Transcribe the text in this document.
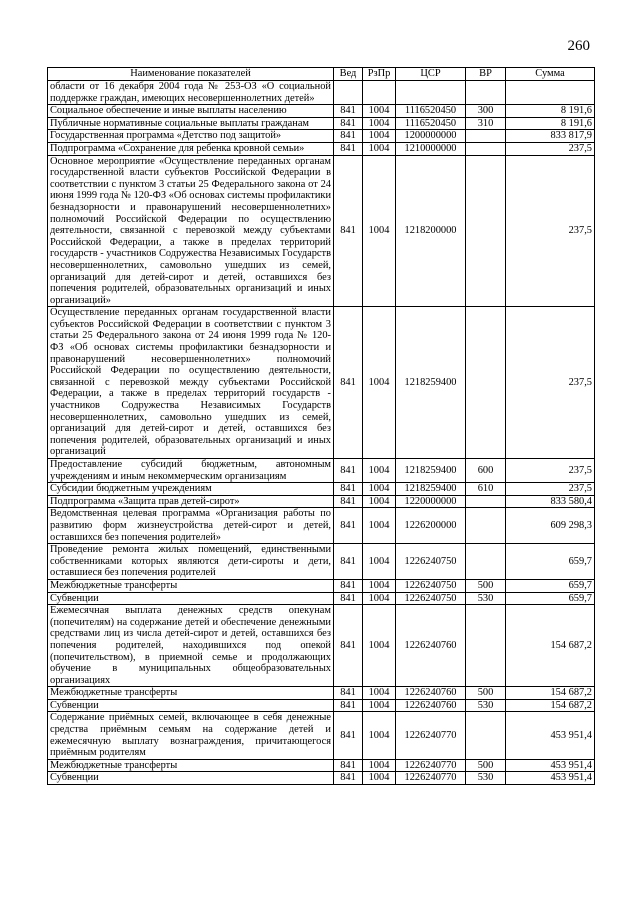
260
Наименование показателей	Вед	РзПр	ЦСР	ВР	Сумма
области от 16 декабря 2004 года № 253-ОЗ «О социальной поддержке граждан, имеющих несовершеннолетних детей»					
Социальное обеспечение и иные выплаты населению	841	1004	1116520450	300	8 191,6
Публичные нормативные социальные выплаты гражданам	841	1004	1116520450	310	8 191,6
Государственная программа «Детство под защитой»	841	1004	1200000000		833 817,9
Подпрограмма «Сохранение для ребенка кровной семьи»	841	1004	1210000000		237,5
Основное мероприятие «Осуществление переданных органам государственной власти субъектов Российской Федерации в соответствии с пунктом 3 статьи 25 Федерального закона от 24 июня 1999 года № 120-ФЗ «Об основах системы профилактики безнадзорности и правонарушений несовершеннолетних» полномочий Российской Федерации по осуществлению деятельности, связанной с перевозкой между субъектами Российской Федерации, а также в пределах территорий государств - участников Содружества Независимых Государств несовершеннолетних, самовольно ушедших из семей, организаций для детей-сирот и детей, оставшихся без попечения родителей, образовательных организаций и иных организаций»	841	1004	1218200000		237,5
Осуществление переданных органам государственной власти субъектов Российской Федерации в соответствии с пунктом 3 статьи 25 Федерального закона от 24 июня 1999 года № 120-ФЗ «Об основах системы профилактики безнадзорности и правонарушений несовершеннолетних» полномочий Российской Федерации по осуществлению деятельности, связанной с перевозкой между субъектами Российской Федерации, а также в пределах территорий государств - участников Содружества Независимых Государств несовершеннолетних, самовольно ушедших из семей, организаций для детей-сирот и детей, оставшихся без попечения родителей, образовательных организаций и иных организаций	841	1004	1218259400		237,5
Предоставление субсидий бюджетным, автономным учреждениям и иным некоммерческим организациям	841	1004	1218259400	600	237,5
Субсидии бюджетным учреждениям	841	1004	1218259400	610	237,5
Подпрограмма «Защита прав детей-сирот»	841	1004	1220000000		833 580,4
Ведомственная целевая программа «Организация работы по развитию форм жизнеустройства детей-сирот и детей, оставшихся без попечения родителей»	841	1004	1226200000		609 298,3
Проведение ремонта жилых помещений, единственными собственниками которых являются дети-сироты и дети, оставшиеся без попечения родителей	841	1004	1226240750		659,7
Межбюджетные трансферты	841	1004	1226240750	500	659,7
Субвенции	841	1004	1226240750	530	659,7
Ежемесячная выплата денежных средств опекунам (попечителям) на содержание детей и обеспечение денежными средствами лиц из числа детей-сирот и детей, оставшихся без попечения родителей, находившихся под опекой (попечительством), в приемной семье и продолжающих обучение в муниципальных общеобразовательных организациях	841	1004	1226240760		154 687,2
Межбюджетные трансферты	841	1004	1226240760	500	154 687,2
Субвенции	841	1004	1226240760	530	154 687,2
Содержание приёмных семей, включающее в себя денежные средства приёмным семьям на содержание детей и ежемесячную выплату вознаграждения, причитающегося приёмным родителям	841	1004	1226240770		453 951,4
Межбюджетные трансферты	841	1004	1226240770	500	453 951,4
Субвенции	841	1004	1226240770	530	453 951,4
